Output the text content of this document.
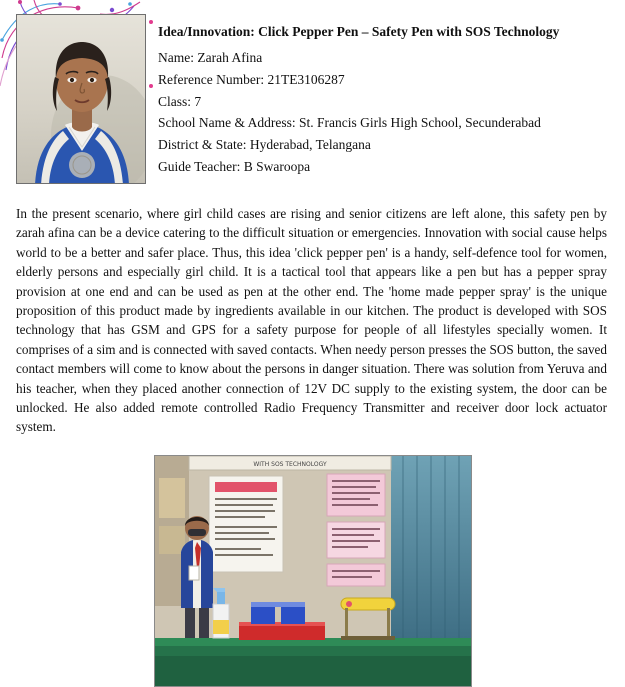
Idea/Innovation: Click Pepper Pen – Safety Pen with SOS Technology
Name: Zarah Afina
Reference Number: 21TE3106287
Class: 7
School Name & Address: St. Francis Girls High School, Secunderabad
District & State: Hyderabad, Telangana
Guide Teacher: B Swaroopa
In the present scenario, where girl child cases are rising and senior citizens are left alone, this safety pen by zarah afina can be a device catering to the difficult situation or emergencies. Innovation with social cause helps world to be a better and safer place. Thus, this idea 'click pepper pen' is a handy, self-defence tool for women, elderly persons and especially girl child. It is a tactical tool that appears like a pen but has a pepper spray provision at one end and can be used as pen at the other end. The 'home made pepper spray' is the unique proposition of this product made by ingredients available in our kitchen. The product is developed with SOS technology that has GSM and GPS for a safety purpose for people of all lifestyles specially women. It comprises of a sim and is connected with saved contacts. When needy person presses the SOS button, the saved contact members will come to know about the persons in danger situation. There was solution from Yeruva and his teacher, when they placed another connection of 12V DC supply to the existing system, the door can be unlocked. He also added remote controlled Radio Frequency Transmitter and receiver door lock actuator system.
WITH SOS TECHNOLOGY
